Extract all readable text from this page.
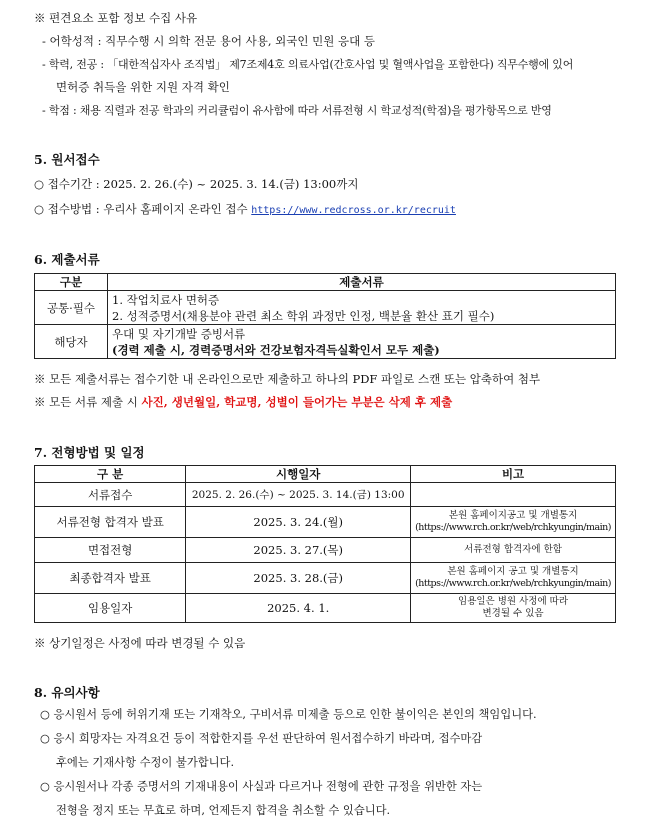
※ 편견요소 포함 정보 수집 사유
- 어학성적 : 직무수행 시 의학 전문 용어 사용, 외국인 민원 응대 등
- 학력, 전공 : 「대한적십자사 조직법」 제7조제4호 의료사업(간호사업 및 혈액사업을 포함한다) 직무수행에 있어
면허증 취득을 위한 지원 자격 확인
- 학점 : 채용 직렬과 전공 학과의 커리큘럼이 유사함에 따라 서류전형 시 학교성적(학점)을 평가항목으로 반영
5. 원서접수
○ 접수기간 : 2025. 2. 26.(수) ~ 2025. 3. 14.(금) 13:00까지
○ 접수방법 : 우리사 홈페이지 온라인 접수 https://www.redcross.or.kr/recruit
6. 제출서류
구분	제출서류
공통·필수	1. 작업치료사 면허증
2. 성적증명서(채용분야 관련 최소 학위 과정만 인정, 백분율 환산 표기 필수)

해당자	우대 및 자기개발 증빙서류
(경력 제출 시, 경력증명서와 건강보험자격득실확인서 모두 제출)
※ 모든 제출서류는 접수기한 내 온라인으로만 제출하고 하나의 PDF 파일로 스캔 또는 압축하여 첨부
※ 모든 서류 제출 시 사진, 생년월일, 학교명, 성별이 들어가는 부분은 삭제 후 제출
7. 전형방법 및 일정
구 분	시행일자	비고
서류접수	2025. 2. 26.(수) ~ 2025. 3. 14.(금) 13:00	

서류전형 합격자 발표	2025. 3. 24.(월)	본원 홈페이지공고 및 개별통지
(https://www.rch.or.kr/web/rchkyungin/main)

면접전형	2025. 3. 27.(목)	서류전형 합격자에 한함

최종합격자 발표	2025. 3. 28.(금)	본원 홈페이지 공고 및 개별통지
(https://www.rch.or.kr/web/rchkyungin/main)

임용일자	2025. 4. 1.	임용일은 병원 사정에 따라
변경될 수 있음
※ 상기일정은 사정에 따라 변경될 수 있음
8. 유의사항
○ 응시원서 등에 허위기재 또는 기재착오, 구비서류 미제출 등으로 인한 불이익은 본인의 책임입니다.
○ 응시 희망자는 자격요건 등이 적합한지를 우선 판단하여 원서접수하기 바라며, 접수마감
후에는 기재사항 수정이 불가합니다.
○ 응시원서나 각종 증명서의 기재내용이 사실과 다르거나 전형에 관한 규정을 위반한 자는
전형을 정지 또는 무효로 하며, 언제든지 합격을 취소할 수 있습니다.
